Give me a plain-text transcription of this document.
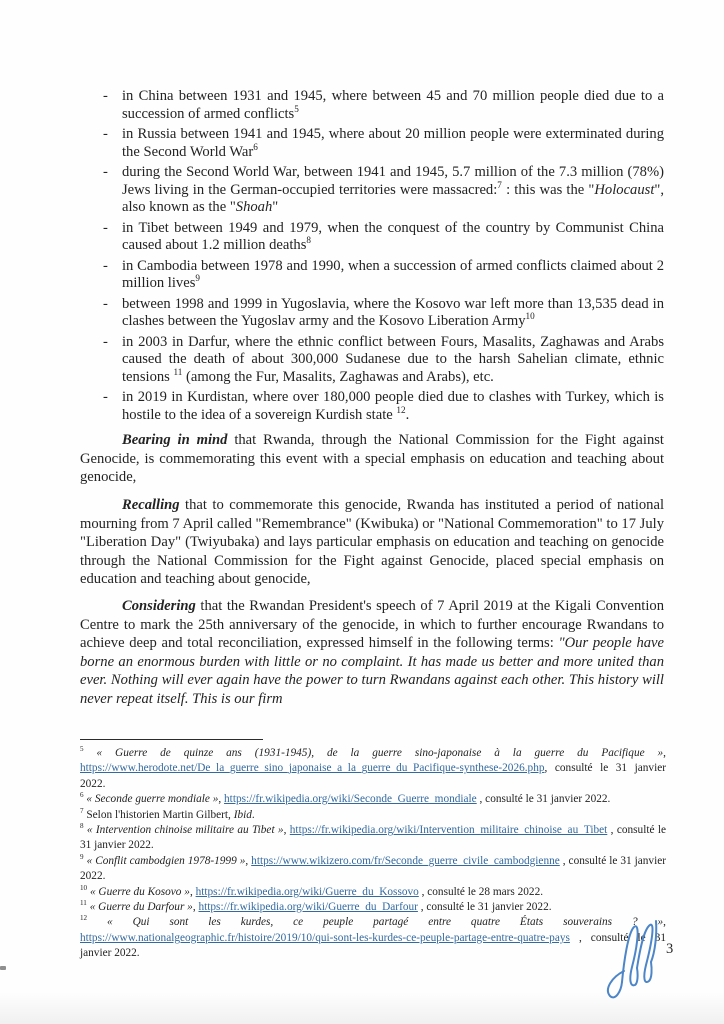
- in China between 1931 and 1945, where between 45 and 70 million people died due to a succession of armed conflicts$^5$
- in Russia between 1941 and 1945, where about 20 million people were exterminated during the Second World War$^6$
- during the Second World War, between 1941 and 1945, 5.7 million of the 7.3 million (78%) Jews living in the German-occupied territories were massacred:$^7$ : this was the "Holocaust", also known as the "Shoah"
- in Tibet between 1949 and 1979, when the conquest of the country by Communist China caused about 1.2 million deaths$^8$
- in Cambodia between 1978 and 1990, when a succession of armed conflicts claimed about 2 million lives$^9$
- between 1998 and 1999 in Yugoslavia, where the Kosovo war left more than 13,535 dead in clashes between the Yugoslav army and the Kosovo Liberation Army$^{10}$
- in 2003 in Darfur, where the ethnic conflict between Fours, Masalits, Zaghawas and Arabs caused the death of about 300,000 Sudanese due to the harsh Sahelian climate, ethnic tensions $^{11}$ (among the Fur, Masalits, Zaghawas and Arabs), etc.
- in 2019 in Kurdistan, where over 180,000 people died due to clashes with Turkey, which is hostile to the idea of a sovereign Kurdish state $^{12}$.
Bearing in mind that Rwanda, through the National Commission for the Fight against Genocide, is commemorating this event with a special emphasis on education and teaching about genocide,
Recalling that to commemorate this genocide, Rwanda has instituted a period of national mourning from 7 April called "Remembrance" (Kwibuka) or "National Commemoration" to 17 July "Liberation Day" (Twiyubaka) and lays particular emphasis on education and teaching on genocide through the National Commission for the Fight against Genocide, placed special emphasis on education and teaching about genocide,
Considering that the Rwandan President's speech of 7 April 2019 at the Kigali Convention Centre to mark the 25th anniversary of the genocide, in which to further encourage Rwandans to achieve deep and total reconciliation, expressed himself in the following terms: "Our people have borne an enormous burden with little or no complaint. It has made us better and more united than ever. Nothing will ever again have the power to turn Rwandans against each other. This history will never repeat itself. This is our firm
$^5$ « Guerre de quinze ans (1931-1945), de la guerre sino-japonaise à la guerre du Pacifique », https://www.herodote.net/De_la_guerre_sino_japonaise_a_la_guerre_du_Pacifique-synthese-2026.php, consulté le 31 janvier 2022.
$^6$ « Seconde guerre mondiale », https://fr.wikipedia.org/wiki/Seconde_Guerre_mondiale , consulté le 31 janvier 2022.
$^7$ Selon l'historien Martin Gilbert, Ibid.
$^8$ « Intervention chinoise militaire au Tibet », https://fr.wikipedia.org/wiki/Intervention_militaire_chinoise_au_Tibet , consulté le 31 janvier 2022.
$^9$ « Conflit cambodgien 1978-1999 », https://www.wikizero.com/fr/Seconde_guerre_civile_cambodgienne , consulté le 31 janvier 2022.
$^{10}$ « Guerre du Kosovo », https://fr.wikipedia.org/wiki/Guerre_du_Kossovo , consulté le 28 mars 2022.
$^{11}$ « Guerre du Darfour », https://fr.wikipedia.org/wiki/Guerre_du_Darfour , consulté le 31 janvier 2022.
$^{12}$ « Qui sont les kurdes, ce peuple partagé entre quatre États souverains ? », https://www.nationalgeographic.fr/histoire/2019/10/qui-sont-les-kurdes-ce-peuple-partage-entre-quatre-pays , consulté le 31 janvier 2022.	3
